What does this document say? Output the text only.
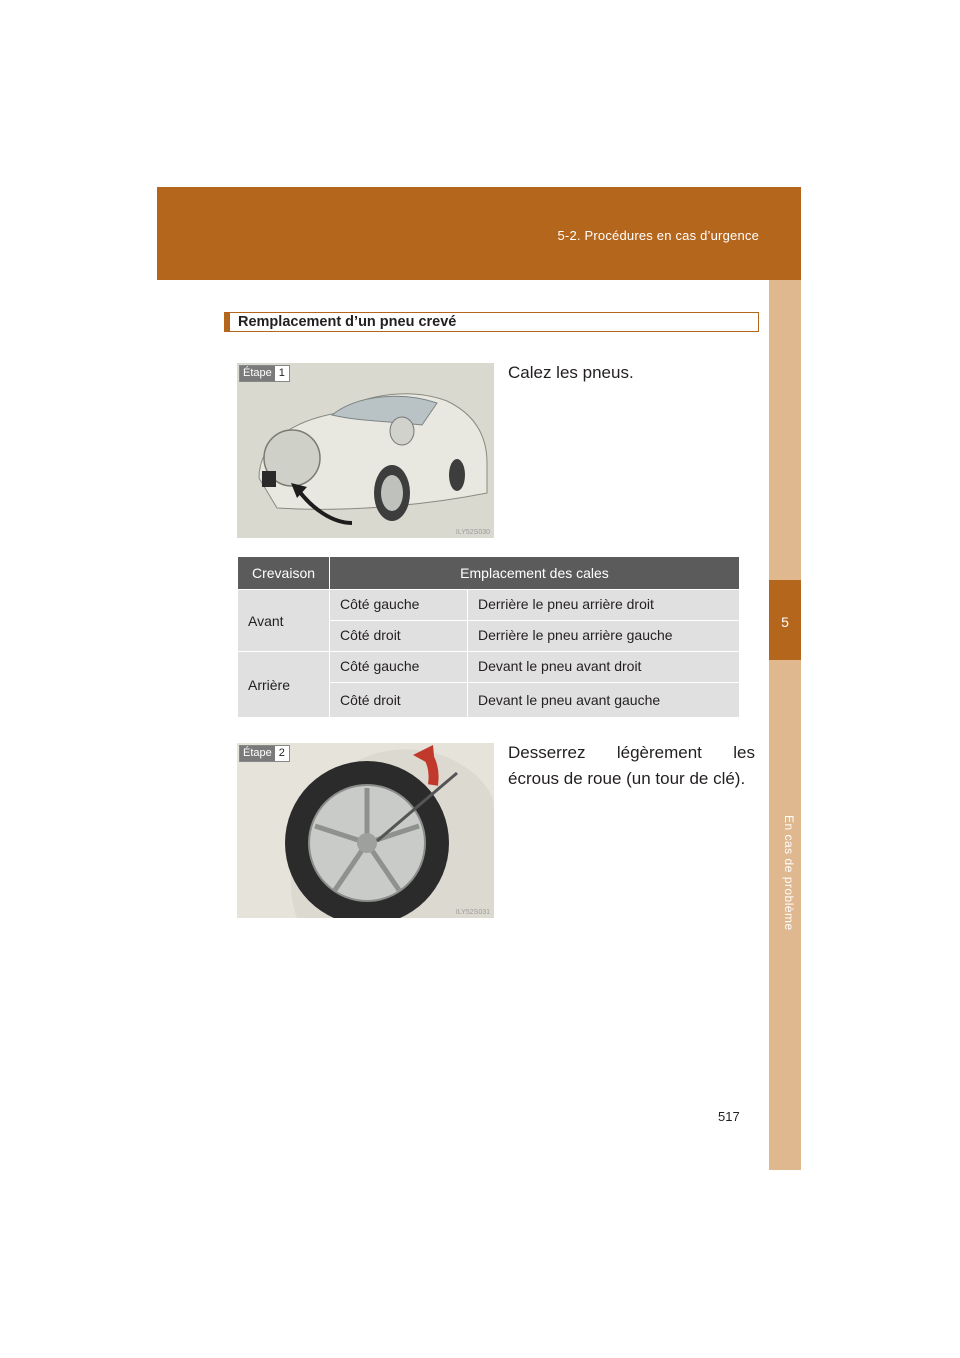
5-2. Procédures en cas d’urgence
5
En cas de problème
Remplacement d’un pneu crevé
Étape 1
ILY52S030
Calez les pneus.
Crevaison	Emplacement des cales	
Avant	Côté gauche	Derrière le pneu arrière droit
	Côté droit	Derrière le pneu arrière gauche
Arrière	Côté gauche	Devant le pneu avant droit
	Côté droit	Devant le pneu avant gauche
Étape 2
ILY52S031
Desserrez légèrement les écrous de roue (un tour de clé).
517
